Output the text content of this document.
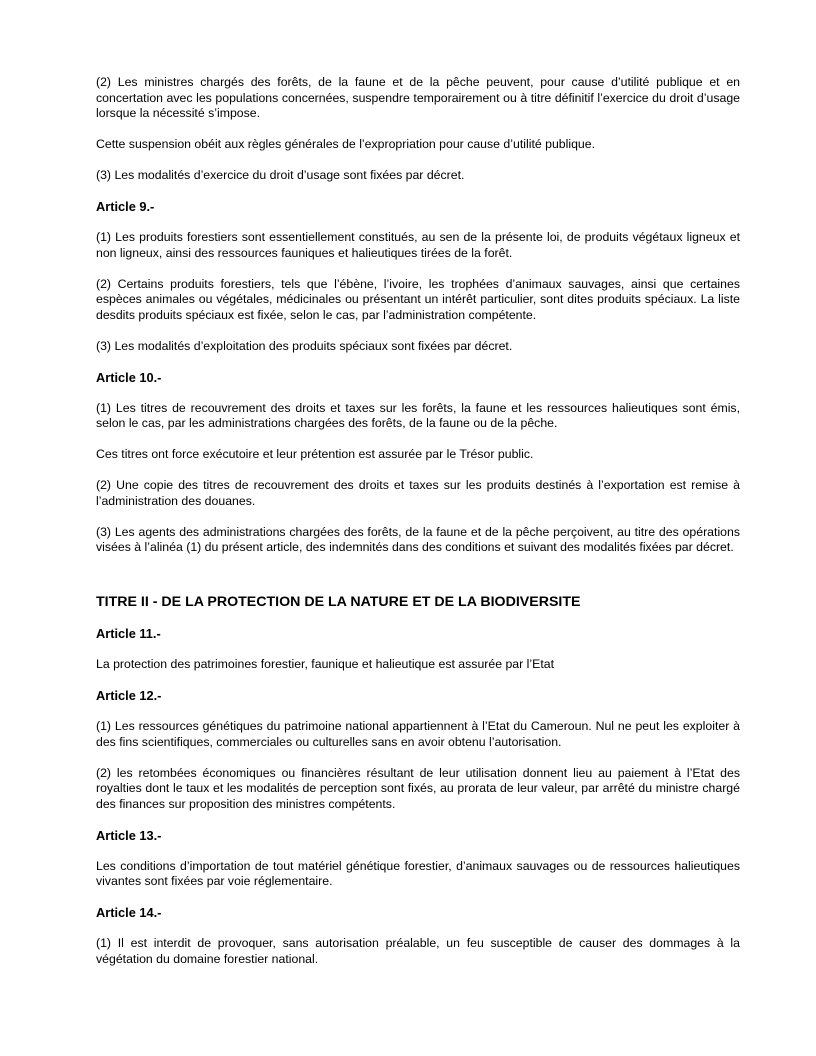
(2) Les ministres chargés des forêts, de la faune et de la pêche peuvent, pour cause d’utilité publique et en concertation avec les populations concernées, suspendre temporairement ou à titre définitif l’exercice du droit d’usage lorsque la nécessité s’impose.

Cette suspension obéit aux règles générales de l’expropriation pour cause d’utilité publique.

(3) Les modalités d’exercice du droit d’usage sont fixées par décret.

Article 9.-

(1) Les produits forestiers sont essentiellement constitués, au sen de la présente loi, de produits végétaux ligneux et non ligneux, ainsi des ressources fauniques et halieutiques tirées de la forêt.

(2) Certains produits forestiers, tels que l’ébène, l’ivoire, les trophées d’animaux sauvages, ainsi que certaines espèces animales ou végétales, médicinales ou présentant un intérêt particulier, sont dites produits spéciaux. La liste desdits produits spéciaux est fixée, selon le cas, par l’administration compétente.

(3) Les modalités d’exploitation des produits spéciaux sont fixées par décret.

Article 10.-

(1) Les titres de recouvrement des droits et taxes sur les forêts, la faune et les ressources halieutiques sont émis, selon le cas, par les administrations chargées des forêts, de la faune ou de la pêche.

Ces titres ont force exécutoire et leur prétention est assurée par le Trésor public.

(2) Une copie des titres de recouvrement des droits et taxes sur les produits destinés à l’exportation est remise à l’administration des douanes.

(3) Les agents des administrations chargées des forêts, de la faune et de la pêche perçoivent, au titre des opérations visées à l’alinéa (1) du présent article, des indemnités dans des conditions et suivant des modalités fixées par décret.

TITRE II - DE LA PROTECTION DE LA NATURE ET DE LA BIODIVERSITE

Article 11.-

La protection des patrimoines forestier, faunique et halieutique est assurée par l’Etat

Article 12.-

(1) Les ressources génétiques du patrimoine national appartiennent à l’Etat du Cameroun. Nul ne peut les exploiter à des fins scientifiques, commerciales ou culturelles sans en avoir obtenu l’autorisation.

(2) les retombées économiques ou financières résultant de leur utilisation donnent lieu au paiement à l’Etat des royalties dont le taux et les modalités de perception sont fixés, au prorata de leur valeur, par arrêté du ministre chargé des finances sur proposition des ministres compétents.

Article 13.-

Les conditions d’importation de tout matériel génétique forestier, d’animaux sauvages ou de ressources halieutiques vivantes sont fixées par voie réglementaire.

Article 14.-

(1) Il est interdit de provoquer, sans autorisation préalable, un feu susceptible de causer des dommages à la végétation du domaine forestier national.
